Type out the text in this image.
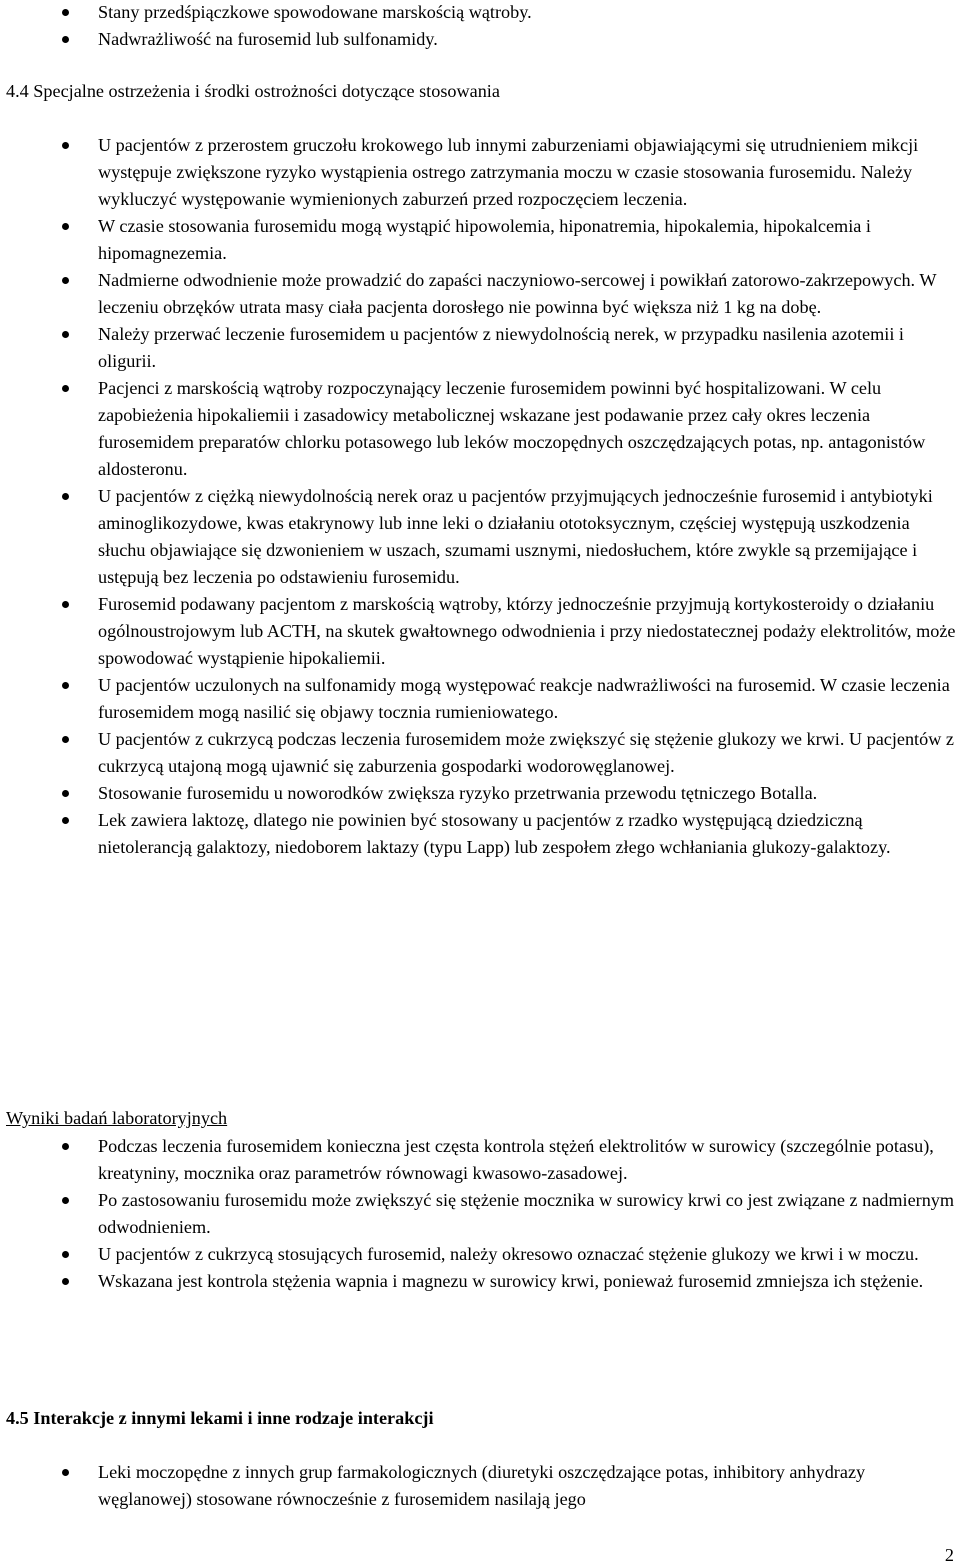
Stany przedśpiączkowe spowodowane marskością wątroby.
Nadwrażliwość na furosemid lub sulfonamidy.
4.4 Specjalne ostrzeżenia i środki ostrożności dotyczące stosowania
U pacjentów z przerostem gruczołu krokowego lub innymi zaburzeniami objawiającymi się utrudnieniem mikcji występuje zwiększone ryzyko wystąpienia ostrego zatrzymania moczu w czasie stosowania furosemidu. Należy wykluczyć występowanie wymienionych zaburzeń przed rozpoczęciem leczenia.
W czasie stosowania furosemidu mogą wystąpić hipowolemia, hiponatremia, hipokalemia, hipokalcemia i hipomagnezemia.
Nadmierne odwodnienie może prowadzić do zapaści naczyniowo-sercowej i powikłań zatorowo-zakrzepowych. W leczeniu obrzęków utrata masy ciała pacjenta dorosłego nie powinna być większa niż 1 kg na dobę.
Należy przerwać leczenie furosemidem u pacjentów z niewydolnością nerek, w przypadku nasilenia azotemii i oligurii.
Pacjenci z marskością wątroby rozpoczynający leczenie furosemidem powinni być hospitalizowani. W celu zapobieżenia hipokaliemii i zasadowicy metabolicznej wskazane jest podawanie przez cały okres leczenia furosemidem preparatów chlorku potasowego lub leków moczopędnych oszczędzających potas, np. antagonistów aldosteronu.
U pacjentów z ciężką niewydolnością nerek oraz u pacjentów przyjmujących jednocześnie furosemid i antybiotyki aminoglikozydowe, kwas etakrynowy lub inne leki o działaniu ototoksycznym, częściej występują uszkodzenia słuchu objawiające się dzwonieniem w uszach, szumami usznymi, niedosłuchem, które zwykle są przemijające i ustępują bez leczenia po odstawieniu furosemidu.
Furosemid podawany pacjentom z marskością wątroby, którzy jednocześnie przyjmują kortykosteroidy o działaniu ogólnoustrojowym lub ACTH, na skutek gwałtownego odwodnienia i przy niedostatecznej podaży elektrolitów, może spowodować wystąpienie hipokaliemii.
U pacjentów uczulonych na sulfonamidy mogą występować reakcje nadwrażliwości na furosemid. W czasie leczenia furosemidem mogą nasilić się objawy tocznia rumieniowatego.
U pacjentów z cukrzycą podczas leczenia furosemidem może zwiększyć się stężenie glukozy we krwi. U pacjentów z cukrzycą utajoną mogą ujawnić się zaburzenia gospodarki wodorowęglanowej.
Stosowanie furosemidu u noworodków zwiększa ryzyko przetrwania przewodu tętniczego Botalla.
Lek zawiera laktozę, dlatego nie powinien być stosowany u pacjentów z rzadko występującą dziedziczną nietolerancją galaktozy, niedoborem laktazy (typu Lapp) lub zespołem złego wchłaniania glukozy-galaktozy.
Wyniki badań laboratoryjnych
Podczas leczenia furosemidem konieczna jest częsta kontrola stężeń elektrolitów w surowicy (szczególnie potasu), kreatyniny, mocznika oraz parametrów równowagi kwasowo-zasadowej.
Po zastosowaniu furosemidu może zwiększyć się stężenie mocznika w surowicy krwi co jest związane z nadmiernym odwodnieniem.
U pacjentów z cukrzycą stosujących furosemid, należy okresowo oznaczać stężenie glukozy we krwi i w moczu.
Wskazana jest kontrola stężenia wapnia i magnezu w surowicy krwi, ponieważ furosemid zmniejsza ich stężenie.
4.5 Interakcje z innymi lekami i inne rodzaje interakcji
Leki moczopędne z innych grup farmakologicznych (diuretyki oszczędzające potas, inhibitory anhydrazy węglanowej) stosowane równocześnie z furosemidem nasilają jego
2
